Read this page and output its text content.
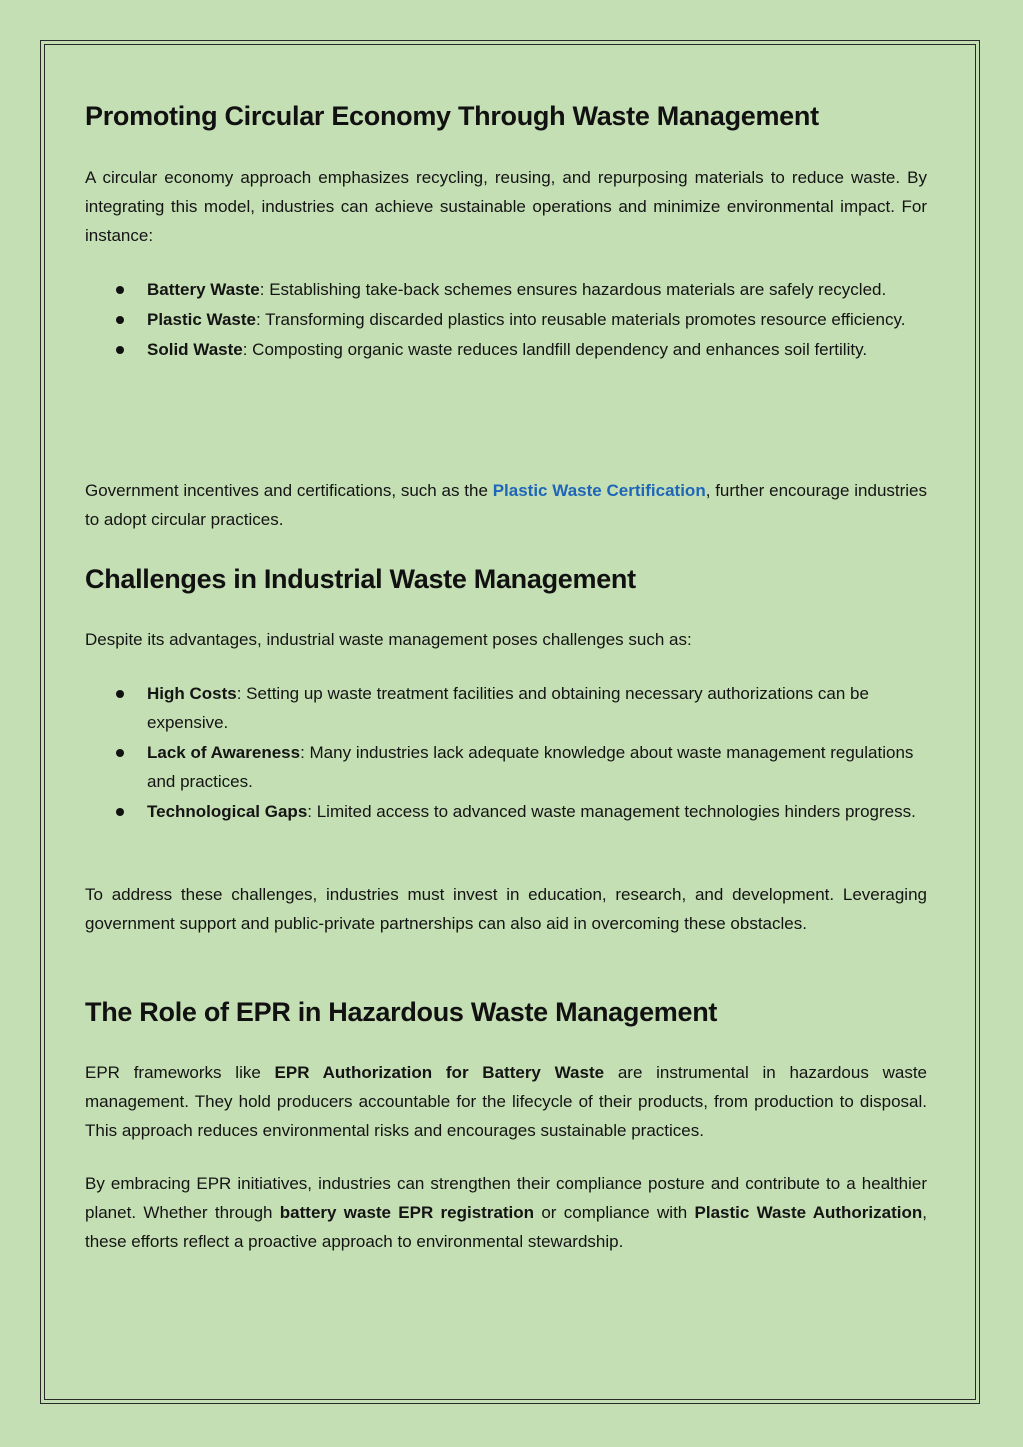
Promoting Circular Economy Through Waste Management

A circular economy approach emphasizes recycling, reusing, and repurposing materials to reduce waste. By integrating this model, industries can achieve sustainable operations and minimize environmental impact. For instance:

Battery Waste: Establishing take-back schemes ensures hazardous materials are safely recycled.
Plastic Waste: Transforming discarded plastics into reusable materials promotes resource efficiency.
Solid Waste: Composting organic waste reduces landfill dependency and enhances soil fertility.

Government incentives and certifications, such as the Plastic Waste Certification, further encourage industries to adopt circular practices.

Challenges in Industrial Waste Management

Despite its advantages, industrial waste management poses challenges such as:

High Costs: Setting up waste treatment facilities and obtaining necessary authorizations can be expensive.
Lack of Awareness: Many industries lack adequate knowledge about waste management regulations and practices.
Technological Gaps: Limited access to advanced waste management technologies hinders progress.

To address these challenges, industries must invest in education, research, and development. Leveraging government support and public-private partnerships can also aid in overcoming these obstacles.

The Role of EPR in Hazardous Waste Management

EPR frameworks like EPR Authorization for Battery Waste are instrumental in hazardous waste management. They hold producers accountable for the lifecycle of their products, from production to disposal. This approach reduces environmental risks and encourages sustainable practices.

By embracing EPR initiatives, industries can strengthen their compliance posture and contribute to a healthier planet. Whether through battery waste EPR registration or compliance with Plastic Waste Authorization, these efforts reflect a proactive approach to environmental stewardship.
